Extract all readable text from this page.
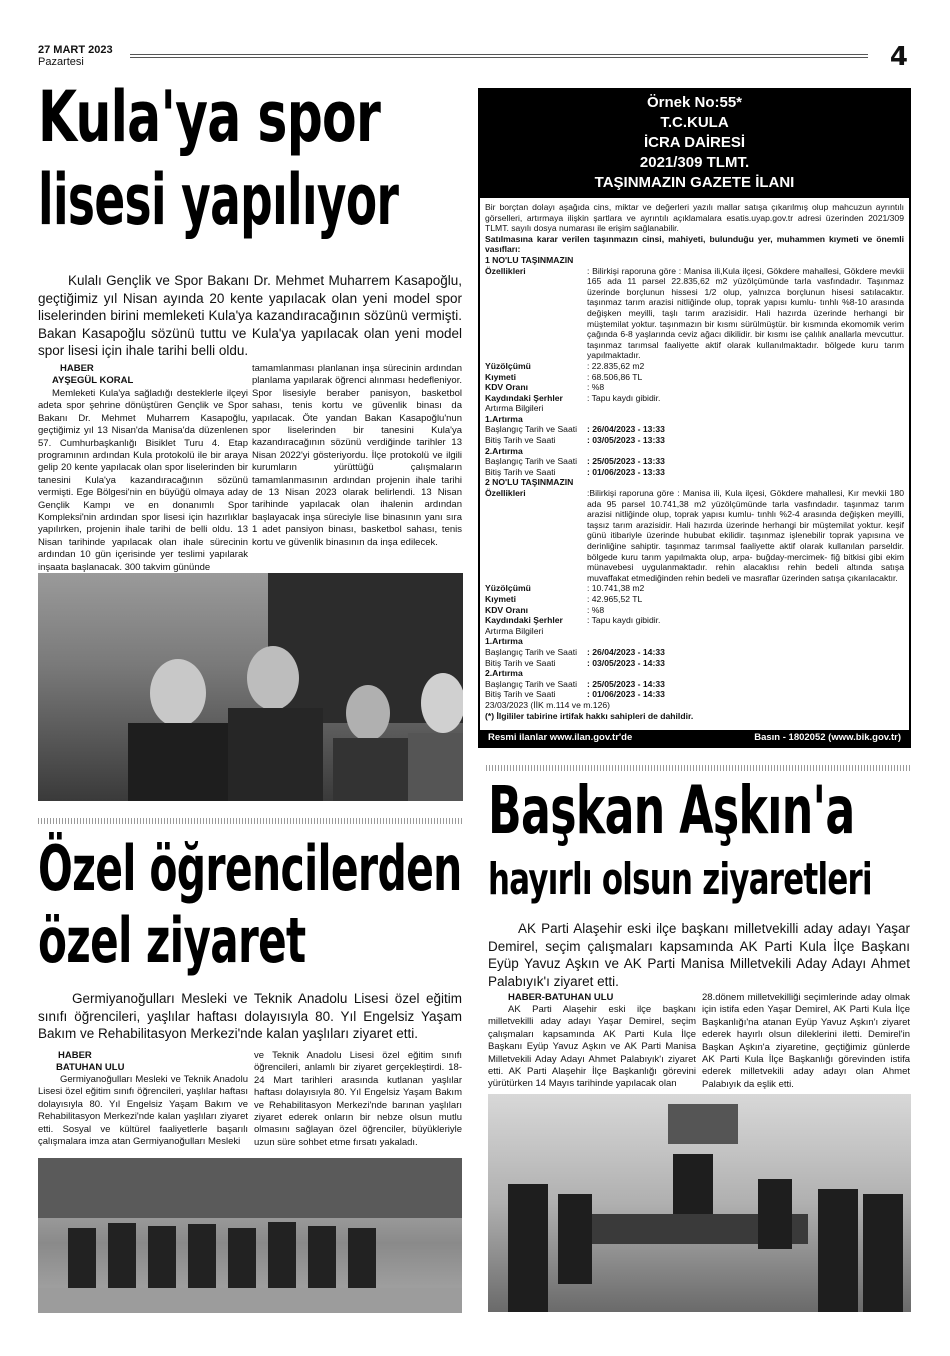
27 MART 2023
Pazartesi	4
Kula'ya spor
lisesi yapılıyor
Kulalı Gençlik ve Spor Bakanı Dr. Mehmet Muharrem Kasapoğlu, geçtiğimiz yıl Nisan ayında 20 kente yapılacak olan yeni model spor liselerinden birini memleketi Kula'ya kazandıracağının sözünü vermişti. Bakan Kasapoğlu sözünü tuttu ve Kula'ya yapılacak olan yeni model spor lisesi için ihale tarihi belli oldu.
HABER
AYŞEGÜL KORAL
Memleketi Kula'ya sağladığı desteklerle ilçeyi adeta spor şehrine dönüştüren Gençlik ve Spor Bakanı Dr. Mehmet Muharrem Kasapoğlu, geçtiğimiz yıl 13 Nisan'da Manisa'da düzenlenen 57. Cumhurbaşkanlığı Bisiklet Turu 4. Etap programının ardından Kula protokolü ile bir araya gelip 20 kente yapılacak olan spor liselerinden bir tanesini Kula'ya kazandıracağının sözünü vermişti. Ege Bölgesi'nin en büyüğü olmaya aday Gençlik Kampı ve en donanımlı Spor Kompleksi'nin ardından spor lisesi için hazırlıklar yapılırken, projenin ihale tarihi de belli oldu. 13 Nisan tarihinde yapılacak olan ihale sürecinin ardından 10 gün içerisinde yer teslimi yapılarak inşaata başlanacak. 300 takvim gününde
tamamlanması planlanan inşa sürecinin ardından planlama yapılarak öğrenci alınması hedefleniyor. Spor lisesiyle beraber panisyon, basketbol sahası, tenis kortu ve güvenlik binası da yapılacak. Öte yandan Bakan Kasapoğlu'nun spor liselerinden bir tanesini Kula'ya kazandıracağının sözünü verdiğinde tarihler 13 Nisan 2022'yi gösteriyordu. İlçe protokolü ve ilgili kurumların yürüttüğü çalışmaların tamamlanmasının ardından projenin ihale tarihi de 13 Nisan 2023 olarak belirlendi. 13 Nisan tarihinde yapılacak olan ihalenin ardından başlayacak inşa süreciyle lise binasının yanı sıra 1 adet pansiyon binası, basketbol sahası, tenis kortu ve güvenlik binasının da inşa edilecek.
Örnek No:55*
T.C.KULA
İCRA DAİRESİ
2021/309 TLMT.
TAŞINMAZIN GAZETE İLANI

Bir borçtan dolayı aşağıda cins, miktar ve değerleri yazılı mallar satışa çıkarılmış olup mahcuzun ayrıntılı görselleri, artırmaya ilişkin şartlara ve ayrıntılı açıklamalara esatis.uyap.gov.tr adresi üzerinden 2021/309 TLMT. sayılı dosya numarası ile erişim sağlanabilir.

Satılmasına karar verilen taşınmazın cinsi, mahiyeti, bulunduğu yer, muhammen kıymeti ve önemli vasıfları:

1 NO'LU TAŞINMAZIN

Özellikleri	: Bilirkişi raporuna göre : Manisa ili,Kula ilçesi, Gökdere mahallesi, Gökdere mevkii 165 ada 11 parsel 22.835,62 m2 yüzölçümünde tarla vasfındadır. Taşınmaz üzerinde borçlunun hissesi 1/2 olup, yalnızca borçlunun hisesi satılacaktır. taşınmaz tarım arazisi nitliğinde olup, toprak yapısı kumlu- tınhlı %8-10 arasında değişken meyilli, taşlı tarım arazisidir. Hali hazırda üzerinde herhangi bir müştemilat yoktur. taşınmazın bir kısmı sürülmüştür. bir kısmında ekomomik verim çağında 6-8 yaşlarında ceviz ağacı dikilidir. bir kısmı ise çalılık anallarla mevcuttur. taşınmaz tarımsal faaliyette aktif olarak kullanılmaktadır. bölgede kuru tarım yapılmaktadır.
Yüzölçümü	: 22.835,62 m2
Kıymeti	: 68.506,86 TL
KDV Oranı	: %8
Kaydındaki Şerhler	: Tapu kaydı gibidir.

Artırma Bilgileri

1.Artırma

Başlangıç Tarih ve Saati	: 26/04/2023 - 13:33
Bitiş Tarih ve Saati	: 03/05/2023 - 13:33

2.Artırma

Başlangıç Tarih ve Saati	: 25/05/2023 - 13:33
Bitiş Tarih ve Saati	: 01/06/2023 - 13:33

2 NO'LU TAŞINMAZIN

Özellikleri	:Bilirkişi raporuna göre : Manisa ili, Kula ilçesi, Gökdere mahallesi, Kır mevkii 180 ada 95 parsel 10.741,38 m2 yüzölçümünde tarla vasfındadır. taşınmaz tarım arazisi nitliğinde olup, toprak yapısı kumlu- tınhlı %2-4 arasında değişken meyilli, taşsız tarım arazisidir. Hali hazırda üzerinde herhangi bir müştemilat yoktur. keşif günü itibariyle üzerinde hububat ekilidir. taşınmaz işlenebilir toprak yapısına ve derinliğine sahiptir. taşınmaz tarımsal faaliyette aktif olarak kullanılan parseldir. bölgede kuru tarım yapılmakta olup, arpa- buğday-mercimek- fiğ bitkisi gibi ekim münavebesi uygulanmaktadır. rehin alacaklısı rehin bedeli altında satışa muvaffakat etmediğinden rehin bedeli ve masraflar üzerinden satışa çıkarılacaktır.
Yüzölçümü	: 10.741,38 m2
Kıymeti	: 42.965,52 TL
KDV Oranı	: %8
Kaydındaki Şerhler	: Tapu kaydı gibidir.

Artırma Bilgileri

1.Artırma

Başlangıç Tarih ve Saati	: 26/04/2023 - 14:33
Bitiş Tarih ve Saati	: 03/05/2023 - 14:33

2.Artırma

Başlangıç Tarih ve Saati	: 25/05/2023 - 14:33
Bitiş Tarih ve Saati	: 01/06/2023 - 14:33

23/03/2023 (İİK m.114 ve m.126)

(*) İlgililer tabirine irtifak hakkı sahipleri de dahildir.

Resmi ilanlar www.ilan.gov.tr'de	Basın - 1802052 (www.bik.gov.tr)
Özel öğrencilerden
özel ziyaret
Germiyanoğulları Mesleki ve Teknik Anadolu Lisesi özel eğitim sınıfı öğrencileri, yaşlılar haftası dolayısıyla 80. Yıl Engelsiz Yaşam Bakım ve Rehabilitasyon Merkezi'nde kalan yaşlıları ziyaret etti.
HABER
BATUHAN ULU
Germiyanoğulları Mesleki ve Teknik Anadolu Lisesi özel eğitim sınıfı öğrencileri, yaşlılar haftası dolayısıyla 80. Yıl Engelsiz Yaşam Bakım ve Rehabilitasyon Merkezi'nde kalan yaşlıları ziyaret etti. Sosyal ve kültürel faaliyetlerle başarılı çalışmalara imza atan Germiyanoğulları Mesleki
ve Teknik Anadolu Lisesi özel eğitim sınıfı öğrencileri, anlamlı bir ziyaret gerçekleştirdi. 18-24 Mart tarihleri arasında kutlanan yaşlılar haftası dolayısıyla 80. Yıl Engelsiz Yaşam Bakım ve Rehabilitasyon Merkezi'nde barınan yaşlıları ziyaret ederek onların bir nebze olsun mutlu olmasını sağlayan özel öğrenciler, büyükleriyle uzun süre sohbet etme fırsatı yakaladı.
Başkan Aşkın'a
hayırlı olsun ziyaretleri
AK Parti Alaşehir eski ilçe başkanı milletvekilli aday adayı Yaşar Demirel, seçim çalışmaları kapsamında AK Parti Kula İlçe Başkanı Eyüp Yavuz Aşkın ve AK Parti Manisa Milletvekili Aday Adayı Ahmet Palabıyık'ı ziyaret etti.
HABER-BATUHAN ULU
AK Parti Alaşehir eski ilçe başkanı milletvekilli aday adayı Yaşar Demirel, seçim çalışmaları kapsamında AK Parti Kula İlçe Başkanı Eyüp Yavuz Aşkın ve AK Parti Manisa Milletvekili Aday Adayı Ahmet Palabıyık'ı ziyaret etti. AK Parti Alaşehir İlçe Başkanlığı görevini yürütürken 14 Mayıs tarihinde yapılacak olan
28.dönem milletvekilliği seçimlerinde aday olmak için istifa eden Yaşar Demirel, AK Parti Kula İlçe Başkanlığı'na atanan Eyüp Yavuz Aşkın'ı ziyaret ederek hayırlı olsun dileklerini iletti. Demirel'in Başkan Aşkın'a ziyaretine, geçtiğimiz günlerde AK Parti Kula İlçe Başkanlığı görevinden istifa ederek milletvekili aday adayı olan Ahmet Palabıyık da eşlik etti.
